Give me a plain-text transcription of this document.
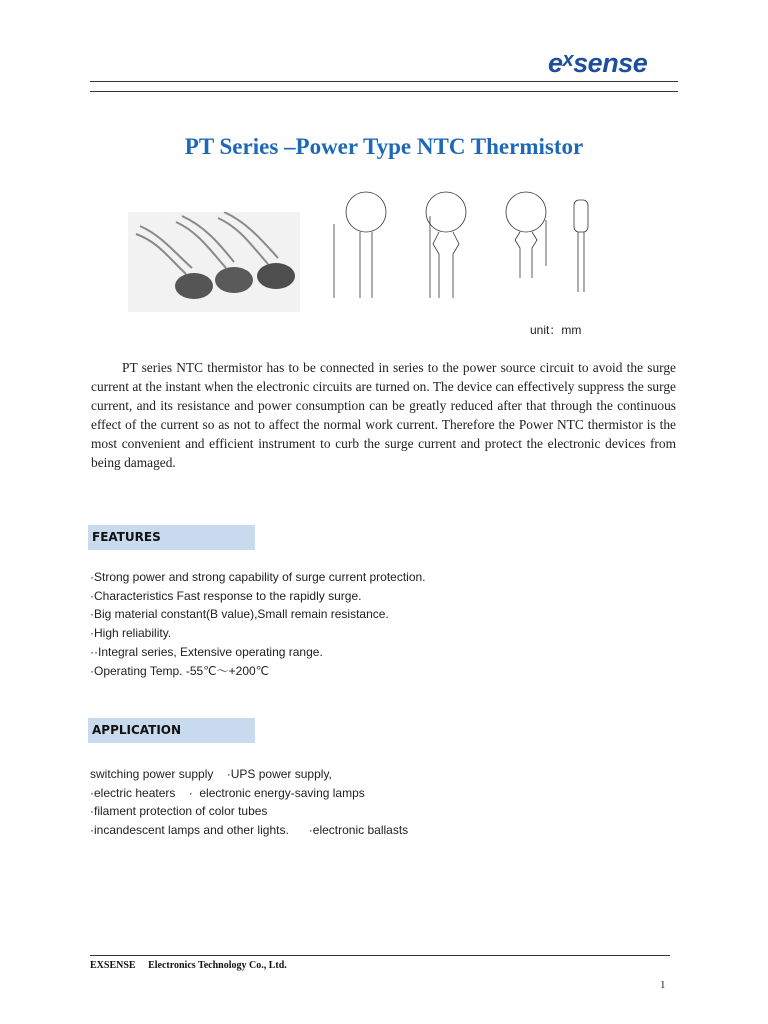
$e^xsense$
PT Series –Power Type NTC Thermistor
unit：mm
PT series NTC thermistor has to be connected in series to the power source circuit to avoid the surge current at the instant when the electronic circuits are turned on. The device can effectively suppress the surge current, and its resistance and power consumption can be greatly reduced after that through the continuous effect of the current so as not to affect the normal work current. Therefore the Power NTC thermistor is the most convenient and efficient instrument to curb the surge current and protect the electronic devices from being damaged.
FEATURES
·Strong power and strong capability of surge current protection.
·Characteristics Fast response to the rapidly surge.
·Big material constant(B value),Small remain resistance.
·High reliability.
··Integral series, Extensive operating range.
·Operating Temp. -55℃～+200℃
APPLICATION
switching power supply    ·UPS power supply,
·electric heaters    ·  electronic energy-saving lamps
·filament protection of color tubes
·incandescent lamps and other lights.      ·electronic ballasts
EXSENSE     Electronics Technology Co., Ltd.
1
